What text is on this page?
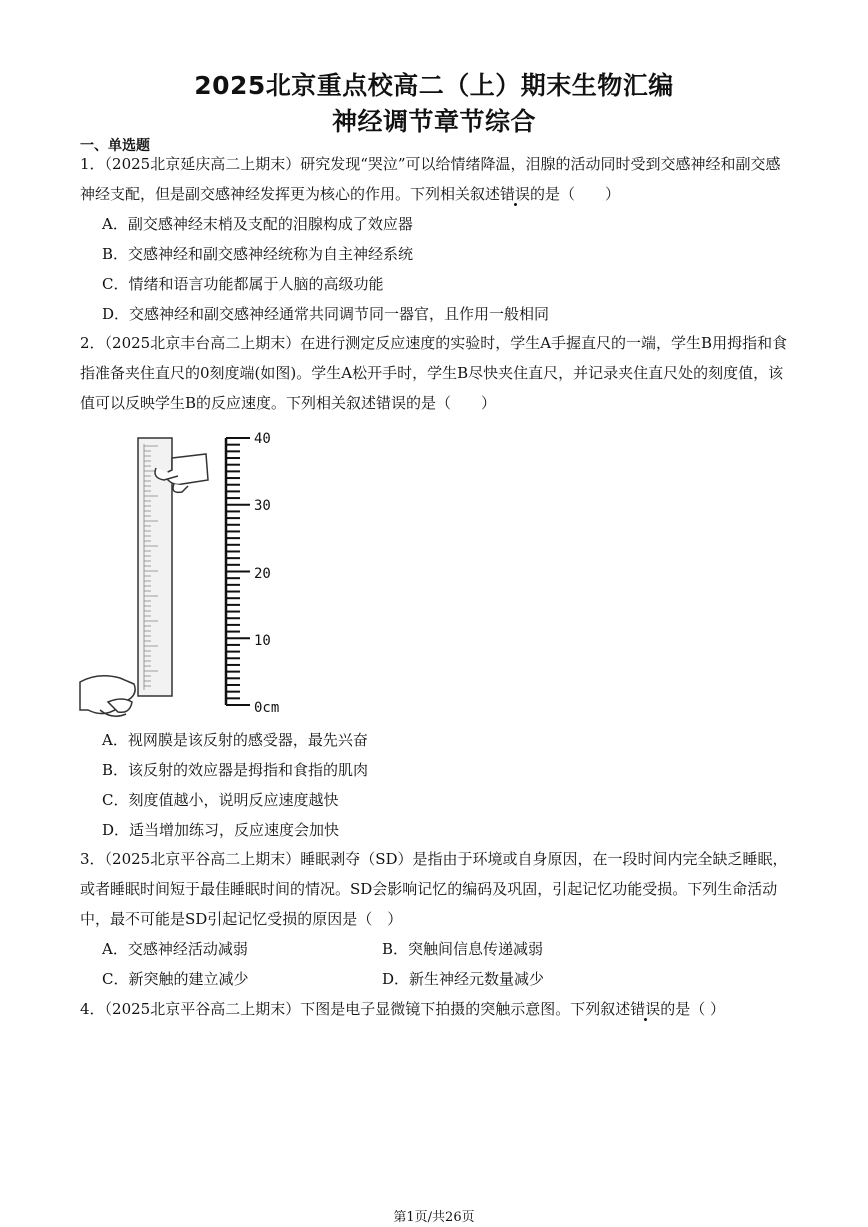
2025北京重点校高二（上）期末生物汇编
神经调节章节综合
一、单选题
1．（2025北京延庆高二上期末）研究发现“哭泣”可以给情绪降温，泪腺的活动同时受到交感神经和副交感神经支配，但是副交感神经发挥更为核心的作用。下列相关叙述错误的是（　　）
A．副交感神经末梢及支配的泪腺构成了效应器
B．交感神经和副交感神经统称为自主神经系统
C．情绪和语言功能都属于人脑的高级功能
D．交感神经和副交感神经通常共同调节同一器官，且作用一般相同
2．（2025北京丰台高二上期末）在进行测定反应速度的实验时，学生A手握直尺的一端，学生B用拇指和食指准备夹住直尺的0刻度端(如图)。学生A松开手时，学生B尽快夹住直尺，并记录夹住直尺处的刻度值，该值可以反映学生B的反应速度。下列相关叙述错误的是（　　）
40
30
20
10
0cm
A．视网膜是该反射的感受器，最先兴奋
B．该反射的效应器是拇指和食指的肌肉
C．刻度值越小，说明反应速度越快
D．适当增加练习，反应速度会加快
3．（2025北京平谷高二上期末）睡眠剥夺（SD）是指由于环境或自身原因，在一段时间内完全缺乏睡眠，或者睡眠时间短于最佳睡眠时间的情况。SD会影响记忆的编码及巩固，引起记忆功能受损。下列生命活动中，最不可能是SD引起记忆受损的原因是（　）
A．交感神经活动减弱	B．突触间信息传递减弱
C．新突触的建立减少	D．新生神经元数量减少
4．（2025北京平谷高二上期末）下图是电子显微镜下拍摄的突触示意图。下列叙述错误的是（ ）
第1页/共26页
